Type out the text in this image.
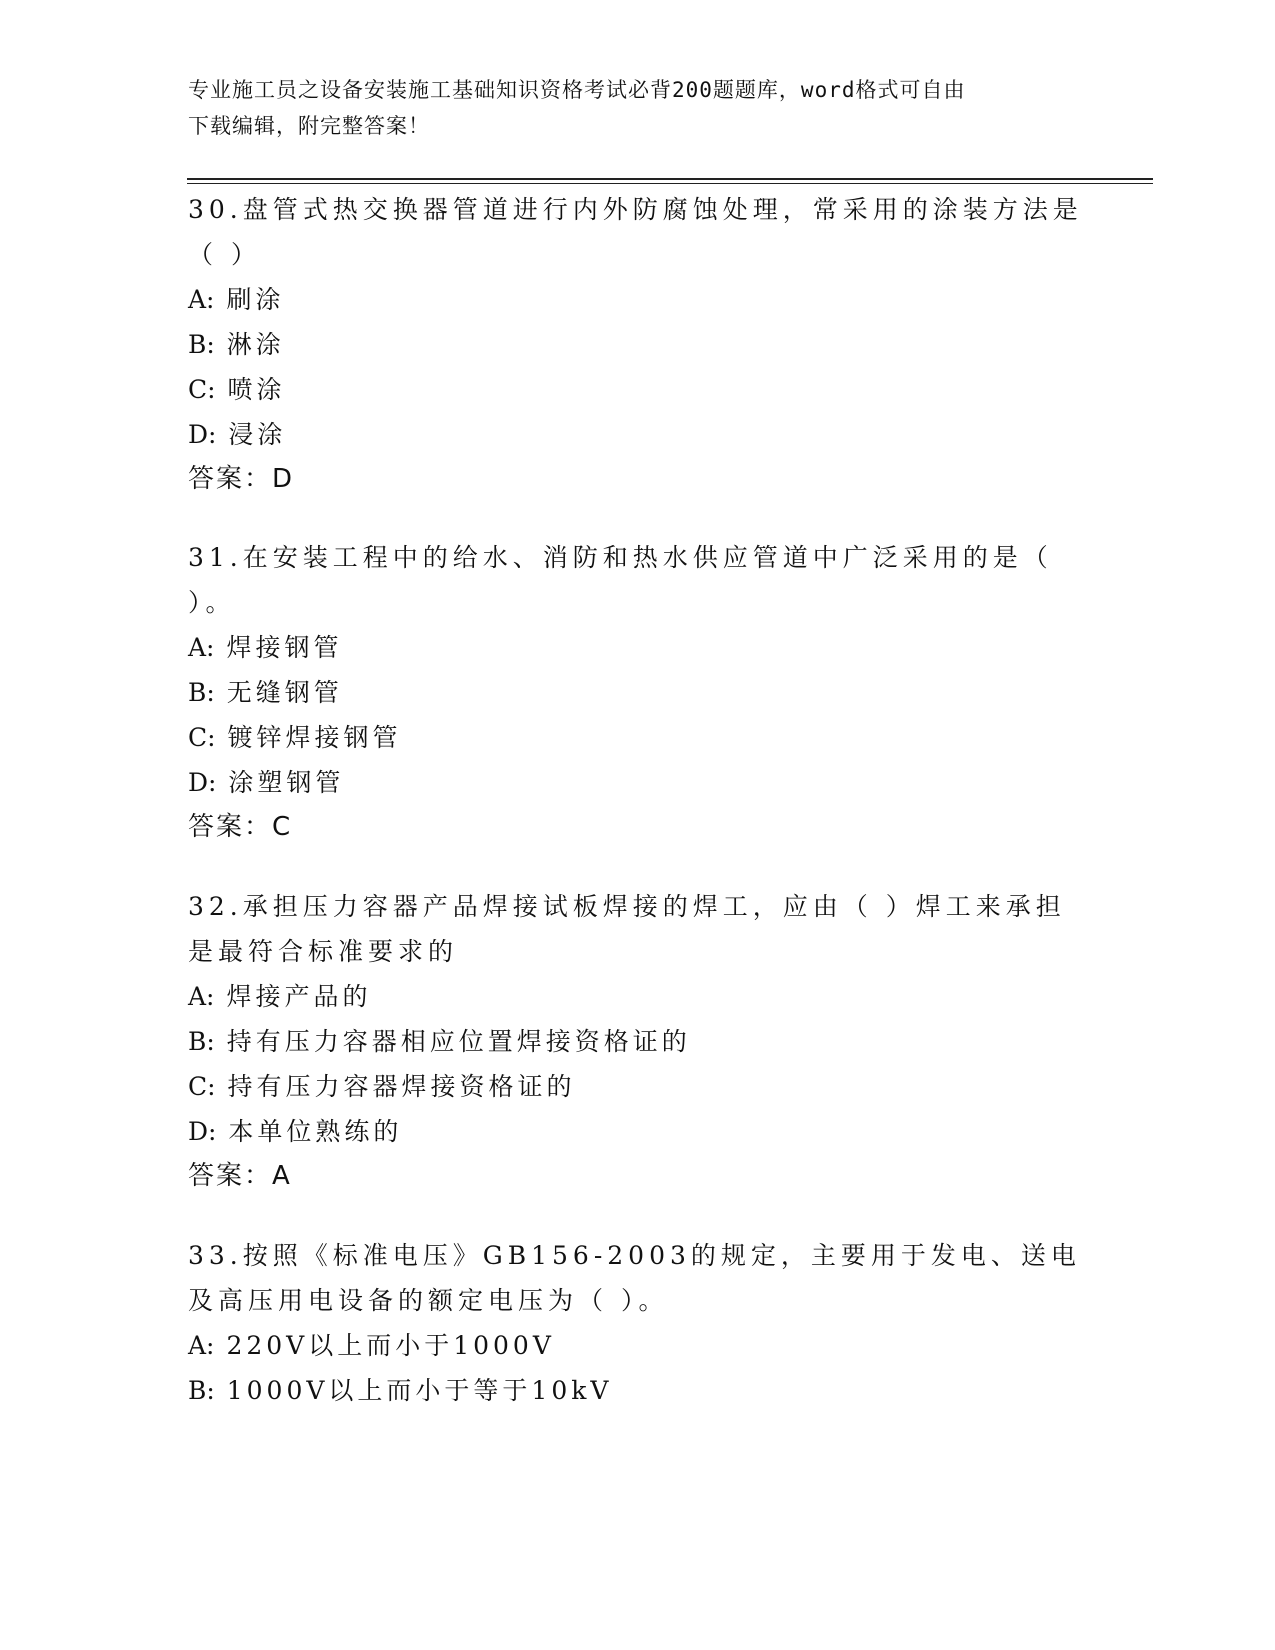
专业施工员之设备安装施工基础知识资格考试必背200题题库，word格式可自由
下载编辑，附完整答案！

30.盘管式热交换器管道进行内外防腐蚀处理，常采用的涂装方法是（ ）

A: 刷涂

B: 淋涂

C: 喷涂

D: 浸涂

答案：D

31.在安装工程中的给水、消防和热水供应管道中广泛采用的是（ ）。

A: 焊接钢管

B: 无缝钢管

C: 镀锌焊接钢管

D: 涂塑钢管

答案：C

32.承担压力容器产品焊接试板焊接的焊工，应由（ ）焊工来承担是最符合标准要求的

A: 焊接产品的

B: 持有压力容器相应位置焊接资格证的

C: 持有压力容器焊接资格证的

D: 本单位熟练的

答案：A

33.按照《标准电压》GB156-2003的规定，主要用于发电、送电及高压用电设备的额定电压为（ ）。

A: 220V以上而小于1000V

B: 1000V以上而小于等于10kV
